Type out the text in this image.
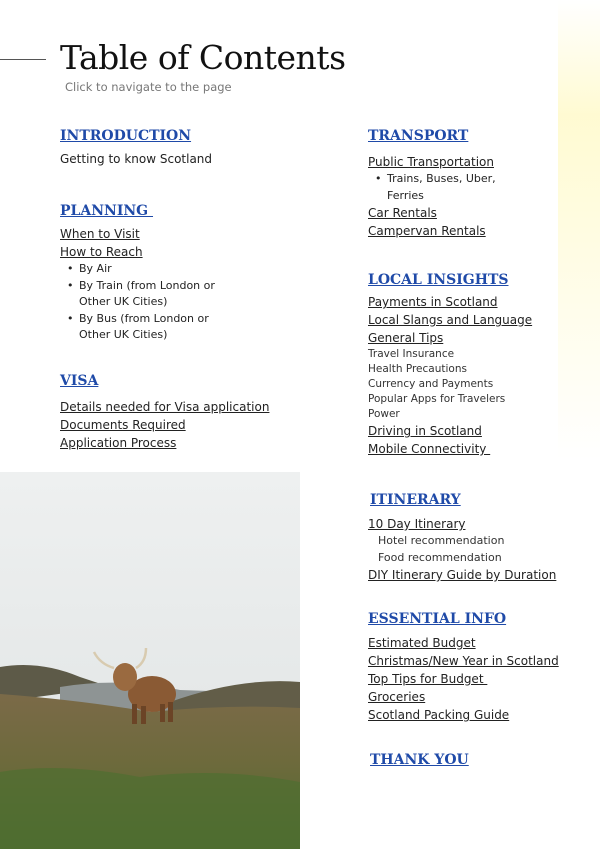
Table of Contents
Click to navigate to the page
INTRODUCTION
Getting to know Scotland
PLANNING
When to Visit
How to Reach
• By Air
• By Train (from London or Other UK Cities)
• By Bus (from London or Other UK Cities)
VISA
Details needed for Visa application
Documents Required
Application Process
TRANSPORT
Public Transportation
• Trains, Buses, Uber, Ferries
Car Rentals
Campervan Rentals
LOCAL INSIGHTS
Payments in Scotland
Local Slangs and Language
General Tips
Travel Insurance
Health Precautions
Currency and Payments
Popular Apps for Travelers
Power
Driving in Scotland
Mobile Connectivity
ITINERARY
10 Day Itinerary
Hotel recommendation
Food recommendation
DIY Itinerary Guide by Duration
ESSENTIAL INFO
Estimated Budget
Christmas/New Year in Scotland
Top Tips for Budget
Groceries
Scotland Packing Guide
THANK YOU
